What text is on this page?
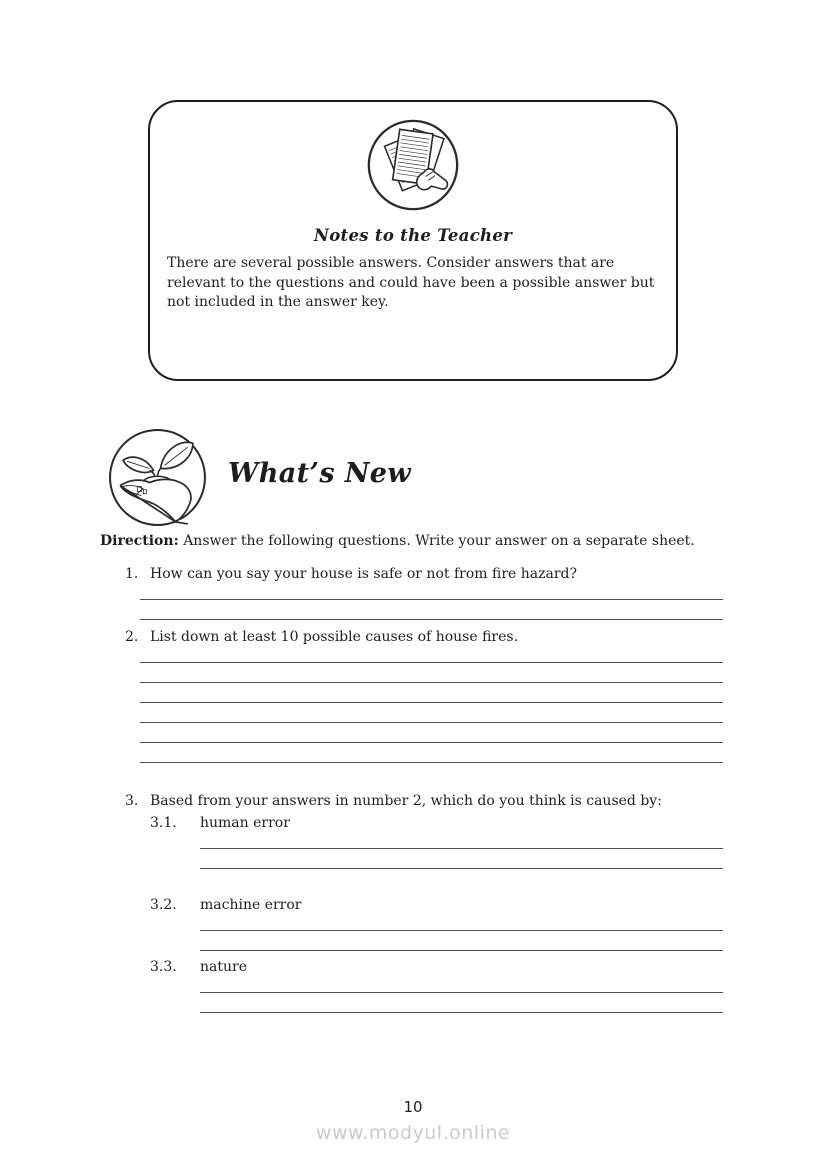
Notes to the Teacher
There are several possible answers. Consider answers that are relevant to the questions and could have been a possible answer but not included in the answer key.
What’s New
Direction: Answer the following questions. Write your answer on a separate sheet.
1. How can you say your house is safe or not from fire hazard?
2. List down at least 10 possible causes of house fires.
3. Based from your answers in number 2, which do you think is caused by:
3.1.	human error
3.2.	machine error
3.3.	nature
10
www.modyul.online
